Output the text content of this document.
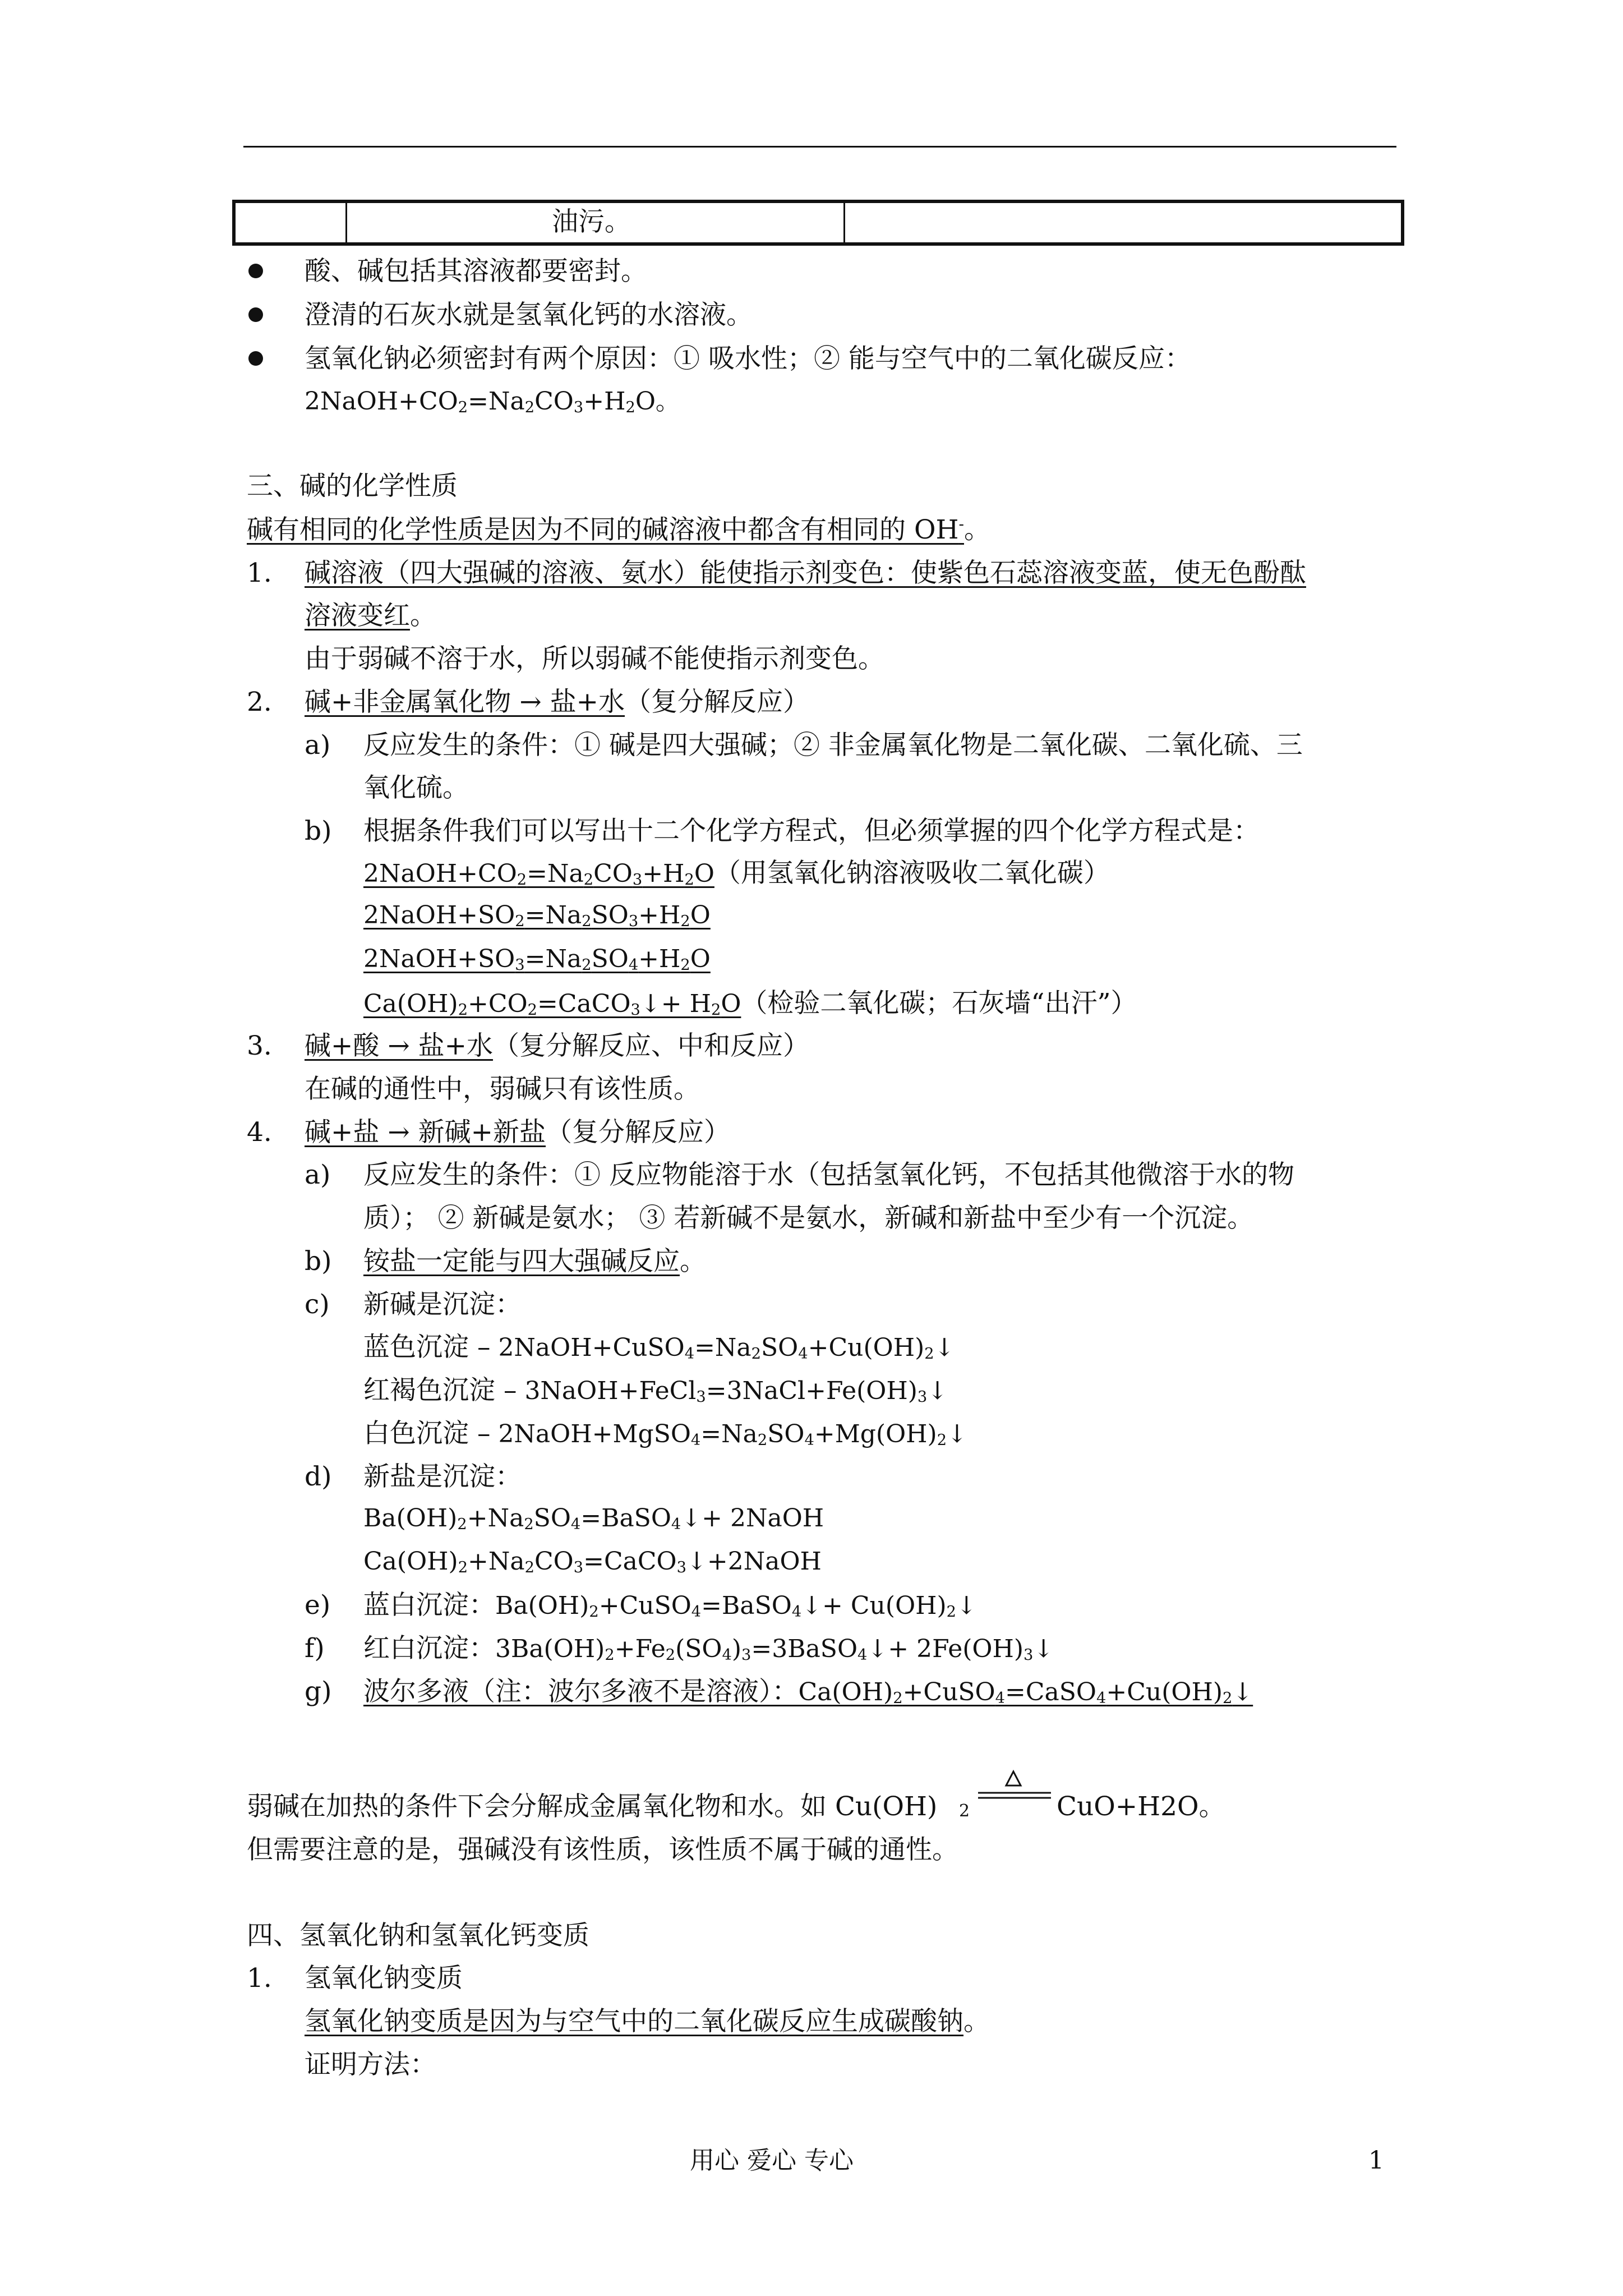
油污。
酸、碱包括其溶液都要密封。
澄清的石灰水就是氢氧化钙的水溶液。
氢氧化钠必须密封有两个原因：① 吸水性；② 能与空气中的二氧化碳反应：
$2NaOH+CO_2=Na_2CO_3+H_2O$。
三、碱的化学性质
碱有相同的化学性质是因为不同的碱溶液中都含有相同的 OH-。
1. 碱溶液（四大强碱的溶液、氨水）能使指示剂变色：使紫色石蕊溶液变蓝，使无色酚酞
溶液变红。
由于弱碱不溶于水，所以弱碱不能使指示剂变色。
2. 碱+非金属氧化物 → 盐+水（复分解反应）
a) 反应发生的条件：① 碱是四大强碱；② 非金属氧化物是二氧化碳、二氧化硫、三
氧化硫。
b) 根据条件我们可以写出十二个化学方程式，但必须掌握的四个化学方程式是：
$2NaOH+CO_2=Na_2CO_3+H_2O$（用氢氧化钠溶液吸收二氧化碳）
$2NaOH+SO_2=Na_2SO_3+H_2O$
$2NaOH+SO_3=Na_2SO_4+H_2O$
$Ca(OH)_2+CO_2=CaCO_3↓+ H_2O$（检验二氧化碳；石灰墙“出汗”）
3. 碱+酸 → 盐+水（复分解反应、中和反应）
在碱的通性中，弱碱只有该性质。
4. 碱+盐 → 新碱+新盐（复分解反应）
a) 反应发生的条件：① 反应物能溶于水（包括氢氧化钙，不包括其他微溶于水的物
质）； ② 新碱是氨水； ③ 若新碱不是氨水，新碱和新盐中至少有一个沉淀。
b) 铵盐一定能与四大强碱反应。
c) 新碱是沉淀：
蓝色沉淀 – $2NaOH+CuSO_4=Na_2SO_4+Cu(OH)_2↓$
红褐色沉淀 – $3NaOH+FeCl_3=3NaCl+Fe(OH)_3↓$
白色沉淀 – $2NaOH+MgSO_4=Na_2SO_4+Mg(OH)_2↓$
d) 新盐是沉淀：
$Ba(OH)_2+Na_2SO_4=BaSO_4↓+$ 2NaOH
$Ca(OH)_2+Na_2CO_3=CaCO_3↓+2NaOH$
e) 蓝白沉淀：$Ba(OH)_2+CuSO_4=BaSO_4↓+$ $Cu(OH)_2↓$
f) 红白沉淀：$3Ba(OH)_2+Fe_2(SO_4)_3=3BaSO_4↓+$ $2Fe(OH)_3↓$
g) 波尔多液（注：波尔多液不是溶液）：$Ca(OH)_2+CuSO_4=CaSO_4+Cu(OH)_2↓$
弱碱在加热的条件下会分解成金属氧化物和水。如 Cu(OH) 2	CuO+H2O。
但需要注意的是，强碱没有该性质，该性质不属于碱的通性。
四、氢氧化钠和氢氧化钙变质
1. 氢氧化钠变质
氢氧化钠变质是因为与空气中的二氧化碳反应生成碳酸钠。
证明方法：
用心 爱心 专心	1
